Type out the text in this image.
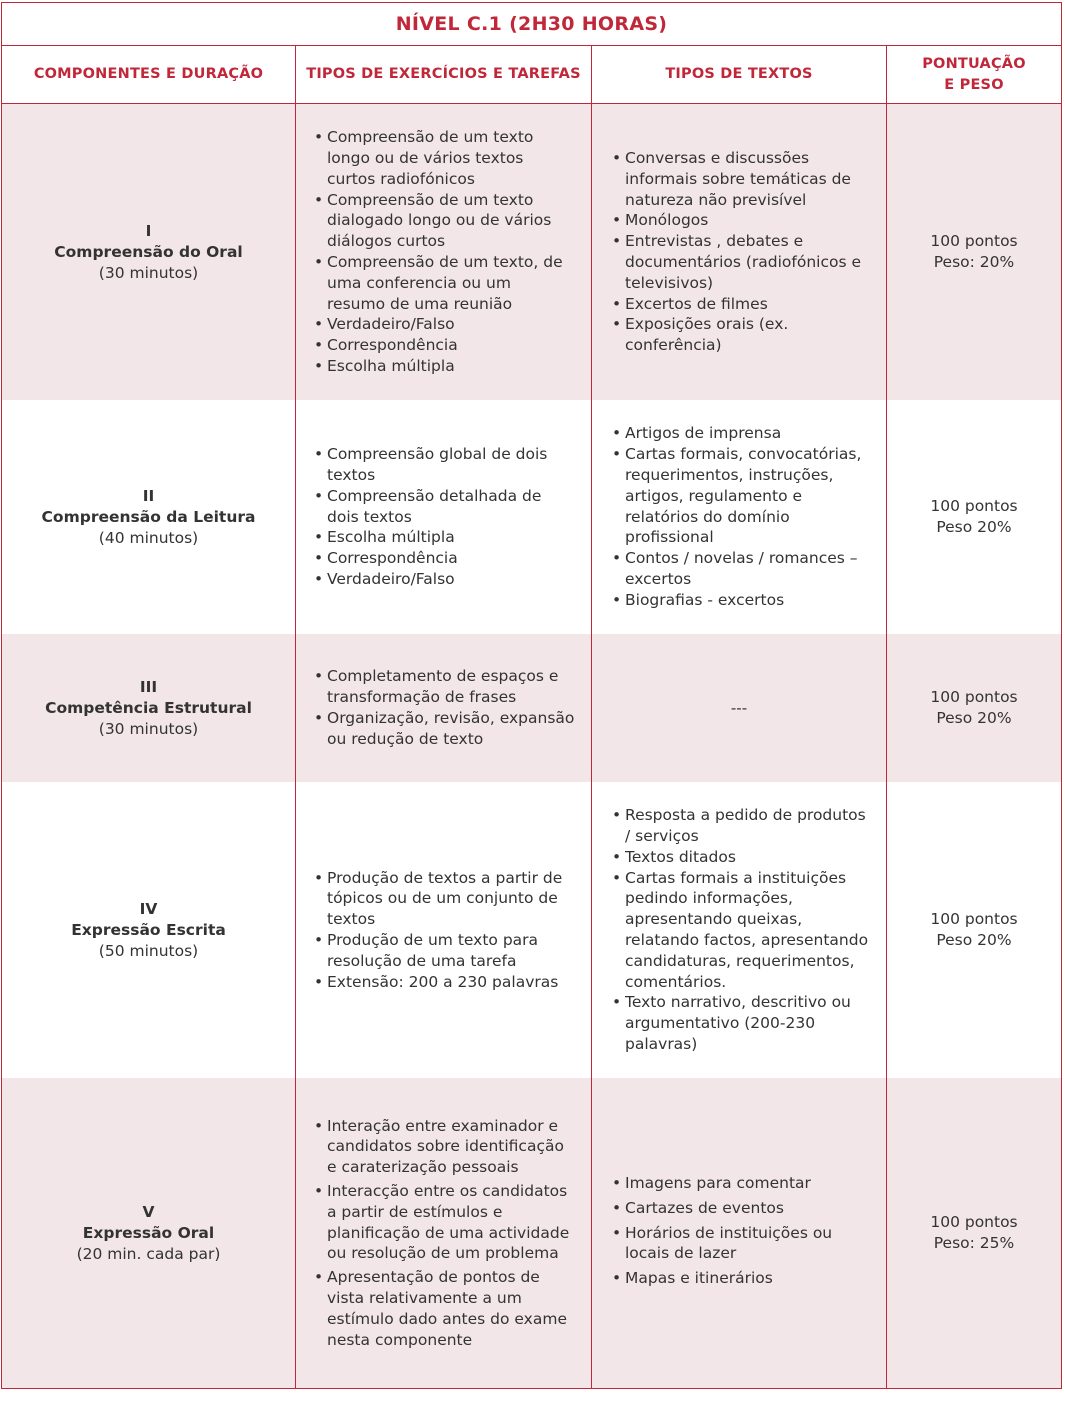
NÍVEL C.1 (2H30 HORAS)
COMPONENTES E DURAÇÃO	TIPOS DE EXERCÍCIOS E TAREFAS	TIPOS DE TEXTOS
PONTUAÇÃO
E PESO
I
Compreensão do Oral
(30 minutos)
• Compreensão de um texto longo ou de vários textos curtos radiofónicos
• Compreensão de um texto dialogado longo ou de vários diálogos curtos
• Compreensão de um texto, de uma conferencia ou um resumo de uma reunião
• Verdadeiro/Falso
• Correspondência
• Escolha múltipla
• Conversas e discussões informais sobre temáticas de natureza não previsível
• Monólogos
• Entrevistas , debates e documentários (radiofónicos e televisivos)
• Excertos de filmes
• Exposições orais (ex. conferência)
100 pontos
Peso: 20%
II
Compreensão da Leitura
(40 minutos)
• Compreensão global de dois textos
• Compreensão detalhada de dois textos
• Escolha múltipla
• Correspondência
• Verdadeiro/Falso
• Artigos de imprensa
• Cartas formais, convocatórias, requerimentos, instruções, artigos, regulamento e relatórios do domínio profissional
• Contos / novelas / romances – excertos
• Biografias - excertos
100 pontos
Peso 20%
III
Competência Estrutural
(30 minutos)
• Completamento de espaços e transformação de frases
• Organização, revisão, expansão ou redução de texto
---
100 pontos
Peso 20%
IV
Expressão Escrita
(50 minutos)
• Produção de textos a partir de tópicos ou de um conjunto de textos
• Produção de um texto para resolução de uma tarefa
• Extensão: 200 a 230 palavras
• Resposta a pedido de produtos / serviços
• Textos ditados
• Cartas formais a instituições pedindo informações, apresentando queixas, relatando factos, apresentando candidaturas, requerimentos, comentários.
• Texto narrativo, descritivo ou argumentativo (200-230 palavras)
100 pontos
Peso 20%
V
Expressão Oral
(20 min. cada par)
• Interação entre examinador e candidatos sobre identificação e caraterização pessoais
• Interacção entre os candidatos a partir de estímulos e planificação de uma actividade ou resolução de um problema
• Apresentação de pontos de vista relativamente a um estímulo dado antes do exame nesta componente
• Imagens para comentar
• Cartazes de eventos
• Horários de instituições ou locais de lazer
• Mapas e itinerários
100 pontos
Peso: 25%
